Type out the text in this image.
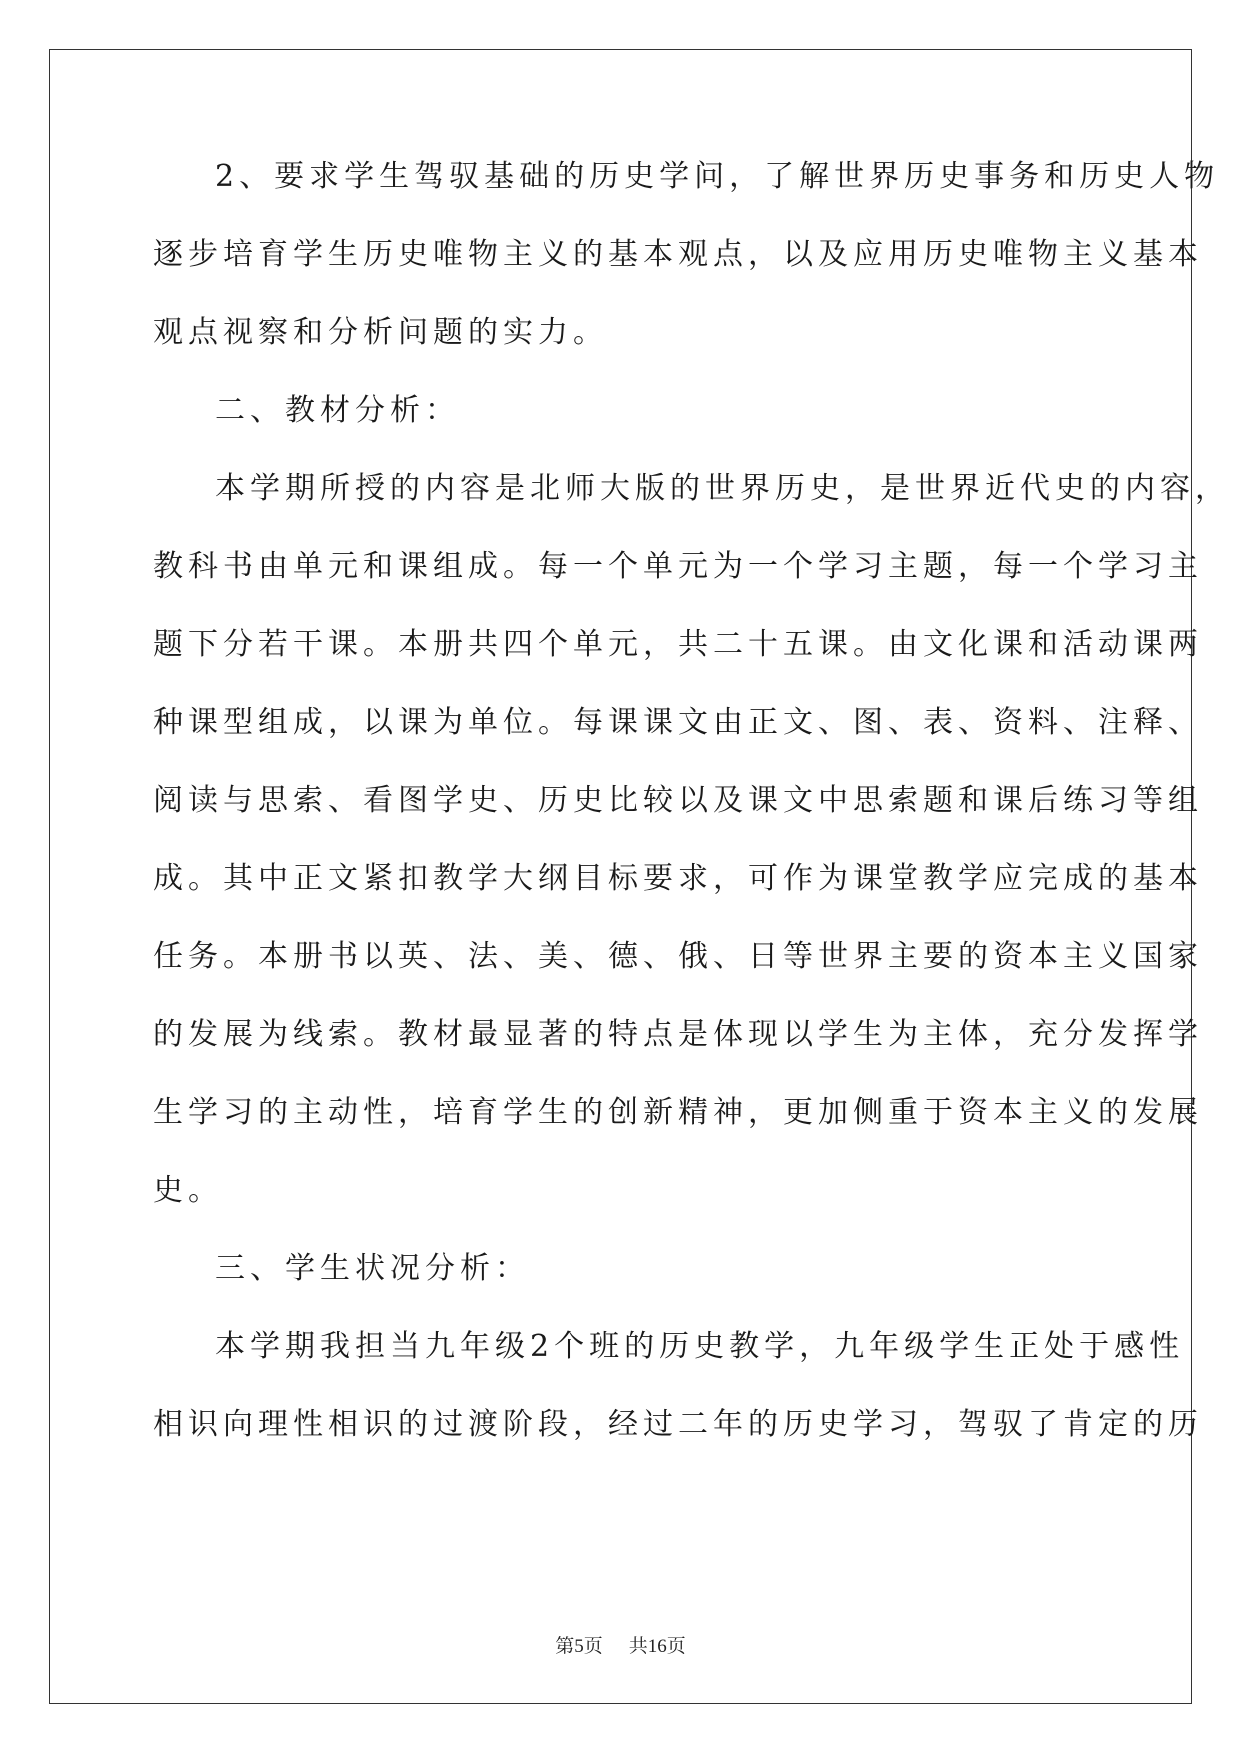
2、要求学生驾驭基础的历史学问，了解世界历史事务和历史人物
逐步培育学生历史唯物主义的基本观点，以及应用历史唯物主义基本
观点视察和分析问题的实力。
二、教材分析：
本学期所授的内容是北师大版的世界历史，是世界近代史的内容，
教科书由单元和课组成。每一个单元为一个学习主题，每一个学习主
题下分若干课。本册共四个单元，共二十五课。由文化课和活动课两
种课型组成，以课为单位。每课课文由正文、图、表、资料、注释、
阅读与思索、看图学史、历史比较以及课文中思索题和课后练习等组
成。其中正文紧扣教学大纲目标要求，可作为课堂教学应完成的基本
任务。本册书以英、法、美、德、俄、日等世界主要的资本主义国家
的发展为线索。教材最显著的特点是体现以学生为主体，充分发挥学
生学习的主动性，培育学生的创新精神，更加侧重于资本主义的发展
史。
三、学生状况分析：
本学期我担当九年级2个班的历史教学，九年级学生正处于感性
相识向理性相识的过渡阶段，经过二年的历史学习，驾驭了肯定的历
第5页 共16页
